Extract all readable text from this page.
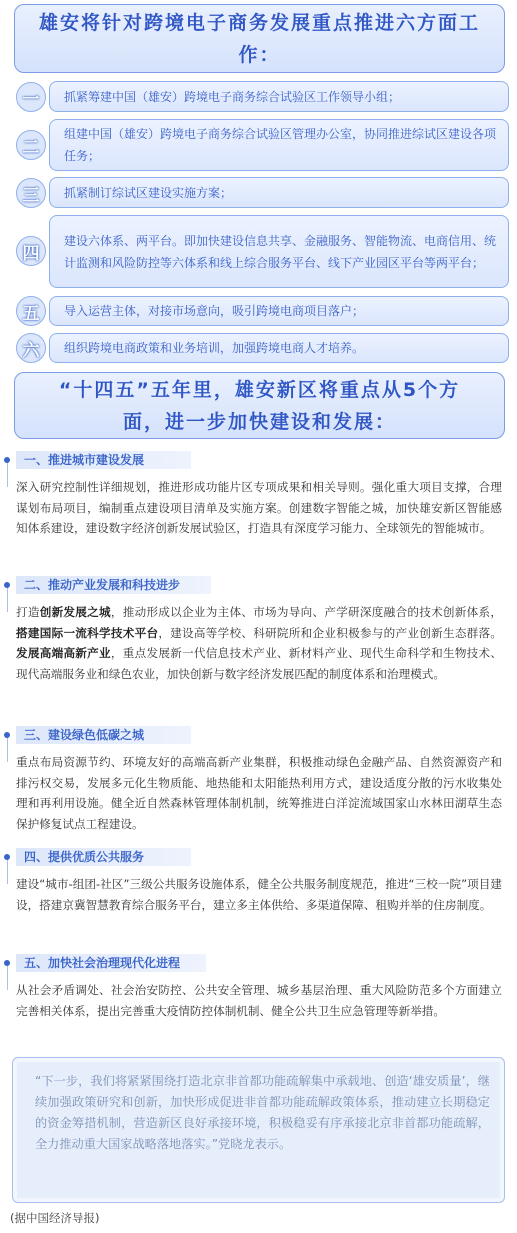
雄安将针对跨境电子商务发展重点推进六方面工作：
一	抓紧筹建中国（雄安）跨境电子商务综合试验区工作领导小组；
二
组建中国（雄安）跨境电子商务综合试验区管理办公室，协同推进综试区建设各项任务；
三	抓紧制订综试区建设实施方案；
四
建设六体系、两平台。即加快建设信息共享、金融服务、智能物流、电商信用、统计监测和风险防控等六体系和线上综合服务平台、线下产业园区平台等两平台；
五	导入运营主体，对接市场意向，吸引跨境电商项目落户；
六	组织跨境电商政策和业务培训，加强跨境电商人才培养。
“十四五”五年里，雄安新区将重点从5个方面，进一步加快建设和发展：
一、推进城市建设发展
深入研究控制性详细规划，推进形成功能片区专项成果和相关导则。强化重大项目支撑，合理谋划布局项目，编制重点建设项目清单及实施方案。创建数字智能之城，加快雄安新区智能感知体系建设，建设数字经济创新发展试验区，打造具有深度学习能力、全球领先的智能城市。
二、推动产业发展和科技进步
打造创新发展之城，推动形成以企业为主体、市场为导向、产学研深度融合的技术创新体系，搭建国际一流科学技术平台，建设高等学校、科研院所和企业积极参与的产业创新生态群落。发展高端高新产业，重点发展新一代信息技术产业、新材料产业、现代生命科学和生物技术、现代高端服务业和绿色农业，加快创新与数字经济发展匹配的制度体系和治理模式。
三、建设绿色低碳之城
重点布局资源节约、环境友好的高端高新产业集群，积极推动绿色金融产品、自然资源资产和排污权交易，发展多元化生物质能、地热能和太阳能热利用方式，建设适度分散的污水收集处理和再利用设施。健全近自然森林管理体制机制，统筹推进白洋淀流域国家山水林田湖草生态保护修复试点工程建设。
四、提供优质公共服务
建设“城市-组团-社区”三级公共服务设施体系，健全公共服务制度规范，推进“三校一院”项目建设，搭建京冀智慧教育综合服务平台，建立多主体供给、多渠道保障、租购并举的住房制度。
五、加快社会治理现代化进程
从社会矛盾调处、社会治安防控、公共安全管理、城乡基层治理、重大风险防范多个方面建立完善相关体系，提出完善重大疫情防控体制机制、健全公共卫生应急管理等新举措。
“下一步，我们将紧紧围绕打造北京非首都功能疏解集中承载地、创造‘雄安质量’，继续加强政策研究和创新，加快形成促进非首都功能疏解政策体系，推动建立长期稳定的资金筹措机制，营造新区良好承接环境，积极稳妥有序承接北京非首都功能疏解，全力推动重大国家战略落地落实。”党晓龙表示。
(据中国经济导报)
